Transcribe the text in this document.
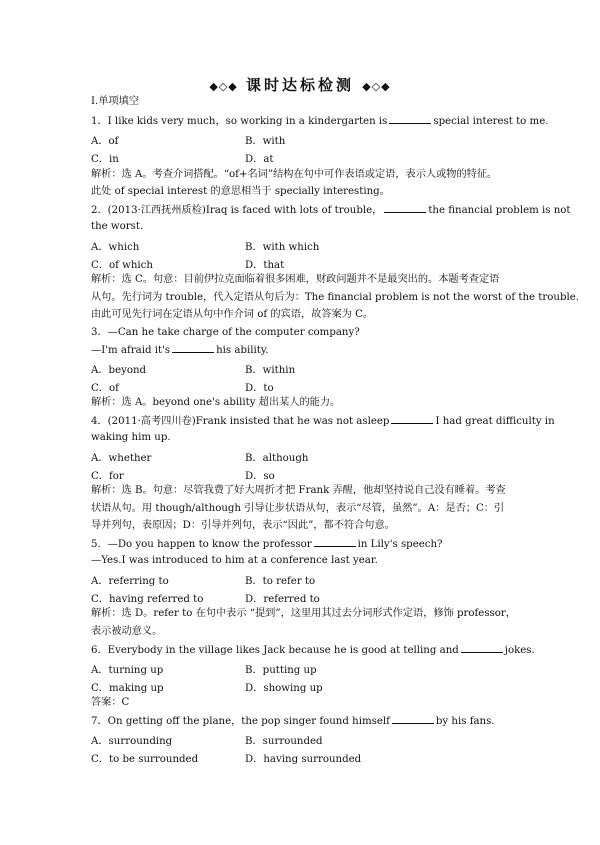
◆◇◆ 课时达标检测 ◆◇◆
Ⅰ.单项填空
1．I like kids very much，so working in a kindergarten is	special interest to me.
A．of	B．with
C．in	D．at
解析：选 A。考查介词搭配。“of+名词”结构在句中可作表语或定语，表示人或物的特征。
此处 of special interest 的意思相当于 specially interesting。
2．(2013·江西抚州质检)Iraq is faced with lots of trouble，	the financial problem is not
the worst.
A．which	B．with which
C．of which	D．that
解析：选 C。句意：目前伊拉克面临着很多困难，财政问题并不是最突出的。本题考查定语
从句。先行词为 trouble，代入定语从句后为：The financial problem is not the worst of the trouble.
由此可见先行词在定语从句中作介词 of 的宾语，故答案为 C。
3．—Can he take charge of the computer company?
—I'm afraid it's	his ability.
A．beyond	B．within
C．of	D．to
解析：选 A。beyond one's ability 超出某人的能力。
4．(2011·高考四川卷)Frank insisted that he was not asleep	I had great difficulty in
waking him up.
A．whether	B．although
C．for	D．so
解析：选 B。句意：尽管我费了好大周折才把 Frank 弄醒，他却坚持说自己没有睡着。考查
状语从句。用 though/although 引导让步状语从句，表示“尽管，虽然”。A：是否；C：引
导并列句，表原因；D：引导并列句，表示“因此”，都不符合句意。
5．—Do you happen to know the professor	in Lily's speech?
—Yes.I was introduced to him at a conference last year.
A．referring to	B．to refer to
C．having referred to	D．referred to
解析：选 D。refer to 在句中表示 “提到”，这里用其过去分词形式作定语，修饰 professor，
表示被动意义。
6．Everybody in the village likes Jack because he is good at telling and	jokes.
A．turning up	B．putting up
C．making up	D．showing up
答案：C
7．On getting off the plane，the pop singer found himself	by his fans.
A．surrounding	B．surrounded
C．to be surrounded	D．having surrounded
